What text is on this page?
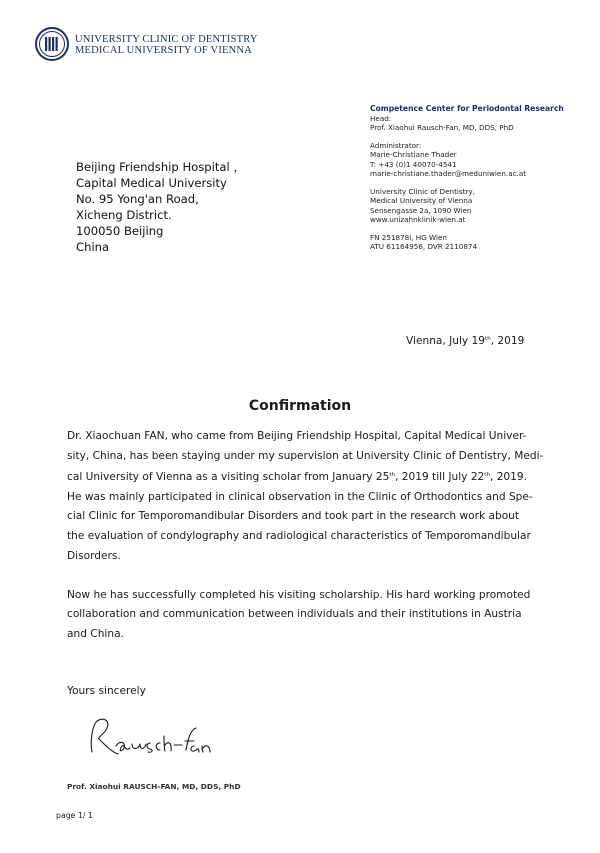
UNIVERSITY CLINIC OF DENTISTRY
MEDICAL UNIVERSITY OF VIENNA
Competence Center for Periodontal Research
Head:
Prof. Xiaohui Rausch-Fan, MD, DDS, PhD
Administrator:
Marie-Christiane Thader
T: +43 (0)1 40070-4541
marie-christiane.thader@meduniwien.ac.at
University Clinic of Dentistry,
Medical University of Vienna
Sensengasse 2a, 1090 Wien
www.unizahnklinik-wien.at
FN 251878i, HG Wien
ATU 61164956, DVR 2110874
Beijing Friendship Hospital ，
Capital Medical University
No. 95 Yong'an Road,
Xicheng District.
100050 Beijing
China
Vienna, July 19th, 2019
Confirmation
Dr. Xiaochuan FAN, who came from Beijing Friendship Hospital, Capital Medical Univer-
sity, China, has been staying under my supervision at University Clinic of Dentistry, Medi-
cal University of Vienna as a visiting scholar from January 25th, 2019 till July 22th, 2019.
He was mainly participated in clinical observation in the Clinic of Orthodontics and Spe-
cial Clinic for Temporomandibular Disorders and took part in the research work about
the evaluation of condylography and radiological characteristics of Temporomandibular
Disorders.
Now he has successfully completed his visiting scholarship. His hard working promoted
collaboration and communication between individuals and their institutions in Austria
and China.
Yours sincerely
Prof. Xiaohui RAUSCH-FAN, MD, DDS, PhD
page 1/ 1
